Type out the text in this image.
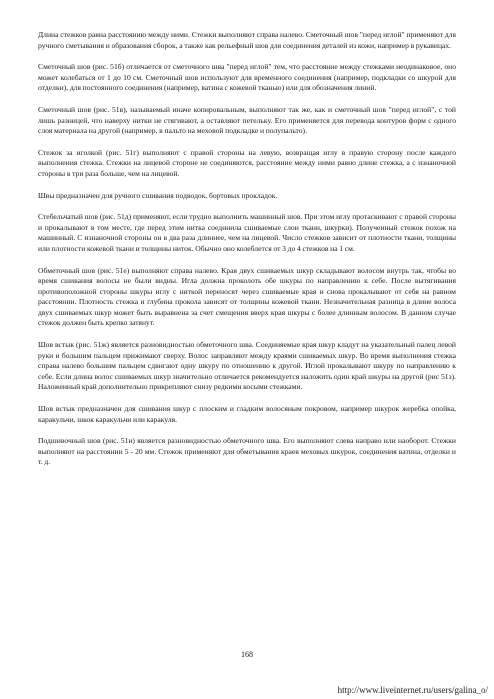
Длина стежков равна расстоянию между ними. Стежки выполняют справа налево. Сметочный шов "перед иглой" применяют для ручного сметывания и образования сборок, а также как рельефный шов для соединения деталей из кожи, например в рукавицах.

Сметочный шов (рис. 51б) отличается от сметочного шва "перед иглой" тем, что расстояние между стежками неодинаковое, оно может колебаться от 1 до 10 см. Сметочный шов используют для временного соединения (например, подкладки со шкурой для отделки), для постоянного соединения (например, ватина с кожевой тканью) или для обозначения линий.

Сметочный шов (рис. 51в), называемый иначе копировальным, выполняют так же, как и сметочный шов "перед иглой", с той лишь разницей, что наверху нитки не стягивают, а оставляют петельку. Его применяется для перевода контуров форм с одного слоя материала на другой (например, в пальто на меховой подкладке и полупальто).

Стежок за иголкой (рис. 51г) выполняют с правой стороны на левую, возвращая иглу в правую сторону после каждого выполнения стежка. Стежки на лицевой стороне не соединяются, расстояние между ними равно длине стежка, а с изнаночной стороны в три раза больше, чем на лицевой.

Швы предназначен для ручного сшивания подводок, бортовых прокладок.

Стебельчатый шов (рис. 51д) применяют, если трудно выполнить машинный шов. При этом иглу протаскивают с правой стороны и прокалывают в том месте, где перед этим нитка соединила сшиваемые слои ткани, шкурки). Полученный стежок похож на машинный. С изнаночной стороны он в два раза длиннее, чем на лицевой. Число стежков зависит от плотности ткани, толщины или плотности кожевой ткани и толщины ниток. Обычно оно колеблется от 3 до 4 стежков на 1 см.

Обметочный шов (рис. 51е) выполняют справа налево. Края двух сшиваемых шкур складывают волосом внутрь так, чтобы во время сшивания волосы не были видны. Игла должна проколоть обе шкуры по направлению к себе. После вытягивания противоположной стороны шкуры иглу с ниткой переносят через сшиваемые края и снова прокалывают от себя на равном расстоянии. Плотность стежка и глубина прокола зависят от толщины кожевой ткани. Незначительная разница в длине волоса двух сшиваемых шкур может быть выравнена за счет смещения вверх края шкуры с более длинным волосом. В данном случае стежок должен быть крепко затянут.

Шов встык (рис. 51ж) является разновидностью обметочного шва. Соединяемые края шкур кладут на указательный палец левой руки и большим пальцем прижимают сверху. Волос заправляют между краями сшиваемых шкур. Во время выполнения стежка справа налево большим пальцем сдвигают одну шкуру по отношению к другой. Иглой прокалывают шкуру по направлению к себе. Если длина волос сшиваемых шкур значительно отличается рекомендуется наложить один край шкуры на другой (рис 51з). Наложенный край дополнительно прикрепляют снизу редкими косыми стежками.

Шов встык предназначен для сшивания шкур с плоским и гладким волосяным покровом, например шкурок жеребка опойка, каракульчи, шкок каракульчи или каракуля.

Подшивочный шов (рис. 51и) является разновидностью обметочного шва. Его выполняют слева направо или наоборот. Стежки выполняют на расстоянии 5 - 20 мм. Стежок применяют для обметывания краев меховых шкурок, соединения ватина, отделки и т. д.

168
http://www.liveinternet.ru/users/galina_o/
